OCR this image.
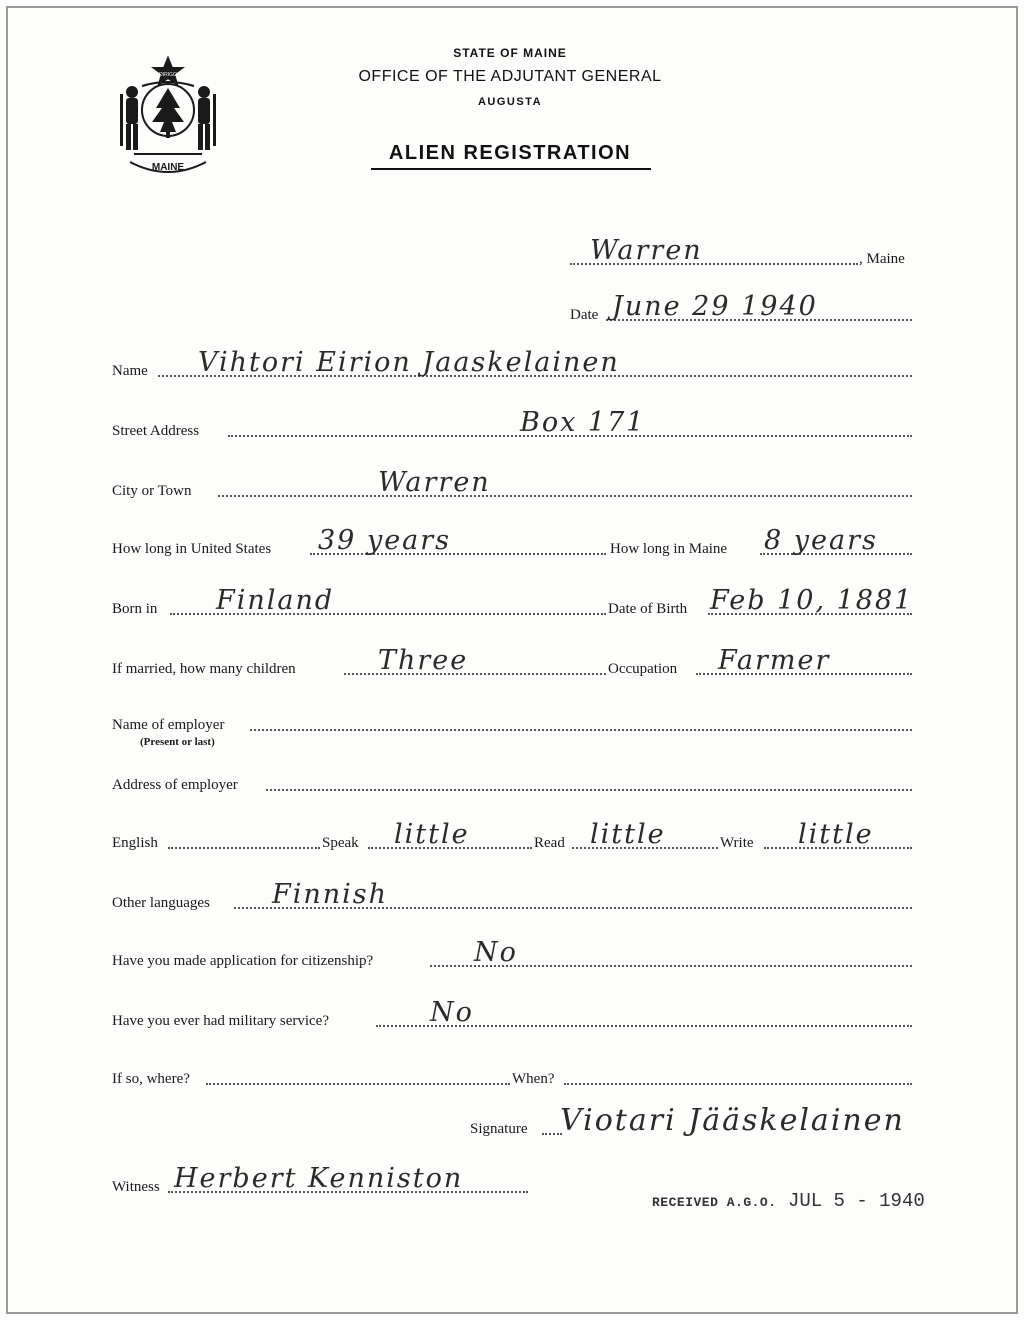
MAINE
DIRIGO
STATE OF MAINE
OFFICE OF THE ADJUTANT GENERAL
AUGUSTA
ALIEN REGISTRATION
Warren	, Maine
Date June 29 1940
Name Vihtori Eirion Jaaskelainen
Street Address	Box 171
City or Town	Warren
How long in United States 39 years	How long in Maine 8 years
Born in Finland	Date of Birth Feb 10, 1881
If married, how many children	Three	Occupation Farmer
Name of employer
(Present or last)
Address of employer
English	Speak little	Read little	Write little
Other languages Finnish
Have you made application for citizenship?	No
Have you ever had military service?	No
If so, where?	When?
Signature Viotari Jääskelainen
Witness Herbert Kenniston
RECEIVED A.G.O. JUL 5 - 1940
